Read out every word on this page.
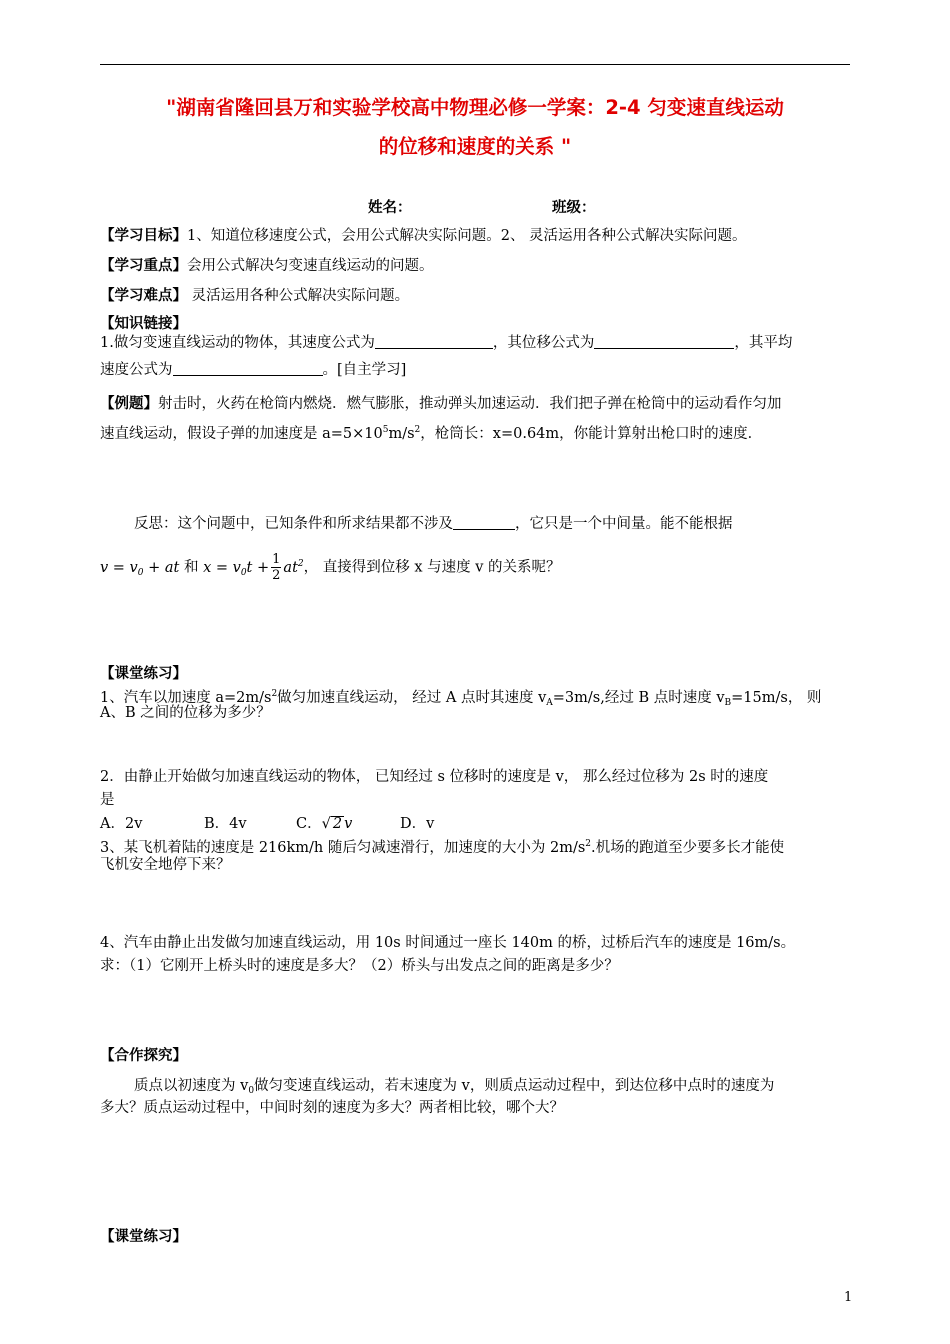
"湖南省隆回县万和实验学校高中物理必修一学案：2-4 匀变速直线运动
的位移和速度的关系 "
姓名：	班级：
【学习目标】1、知道位移速度公式，会用公式解决实际问题。2、 灵活运用各种公式解决实际问题。
【学习重点】会用公式解决匀变速直线运动的问题。
【学习难点】 灵活运用各种公式解决实际问题。
【知识链接】
1.做匀变速直线运动的物体，其速度公式为	，其位移公式为	，其平均
速度公式为	。[自主学习]
【例题】射击时，火药在枪筒内燃烧．燃气膨胀，推动弹头加速运动．我们把子弹在枪筒中的运动看作匀加
速直线运动，假设子弹的加速度是 $a=5\times 10^5m/s^2$，枪筒长：x=0.64m，你能计算射出枪口时的速度．
反思：这个问题中，已知条件和所求结果都不涉及	，它只是一个中间量。能不能根据
$v = v_0$ + at 和 $x = v_0t + \frac{1}{2} at^2$， 直接得到位移 x 与速度 v 的关系呢？
【课堂练习】
1、汽车以加速度 $a=2m/s^2$做匀加速直线运动， 经过 A 点时其速度 $v_A=3m/s$,经过 B 点时速度 $v_B=15m/s$， 则
A、B 之间的位移为多少？
2．由静止开始做匀加速直线运动的物体， 已知经过 s 位移时的速度是 v， 那么经过位移为 2s 时的速度
是
A．2v	B．4v	C．√ 2 v	D．v
3、某飞机着陆的速度是 216km/h 随后匀减速滑行，加速度的大小为 $2m/s^2$.机场的跑道至少要多长才能使
飞机安全地停下来？
4、汽车由静止出发做匀加速直线运动，用 10s 时间通过一座长 140m 的桥，过桥后汽车的速度是 16m/s。
求：（1）它刚开上桥头时的速度是多大？（2）桥头与出发点之间的距离是多少？
【合作探究】
质点以初速度为 $v_0$做匀变速直线运动，若末速度为 v，则质点运动过程中，到达位移中点时的速度为
多大？质点运动过程中，中间时刻的速度为多大？两者相比较，哪个大？
【课堂练习】
1
